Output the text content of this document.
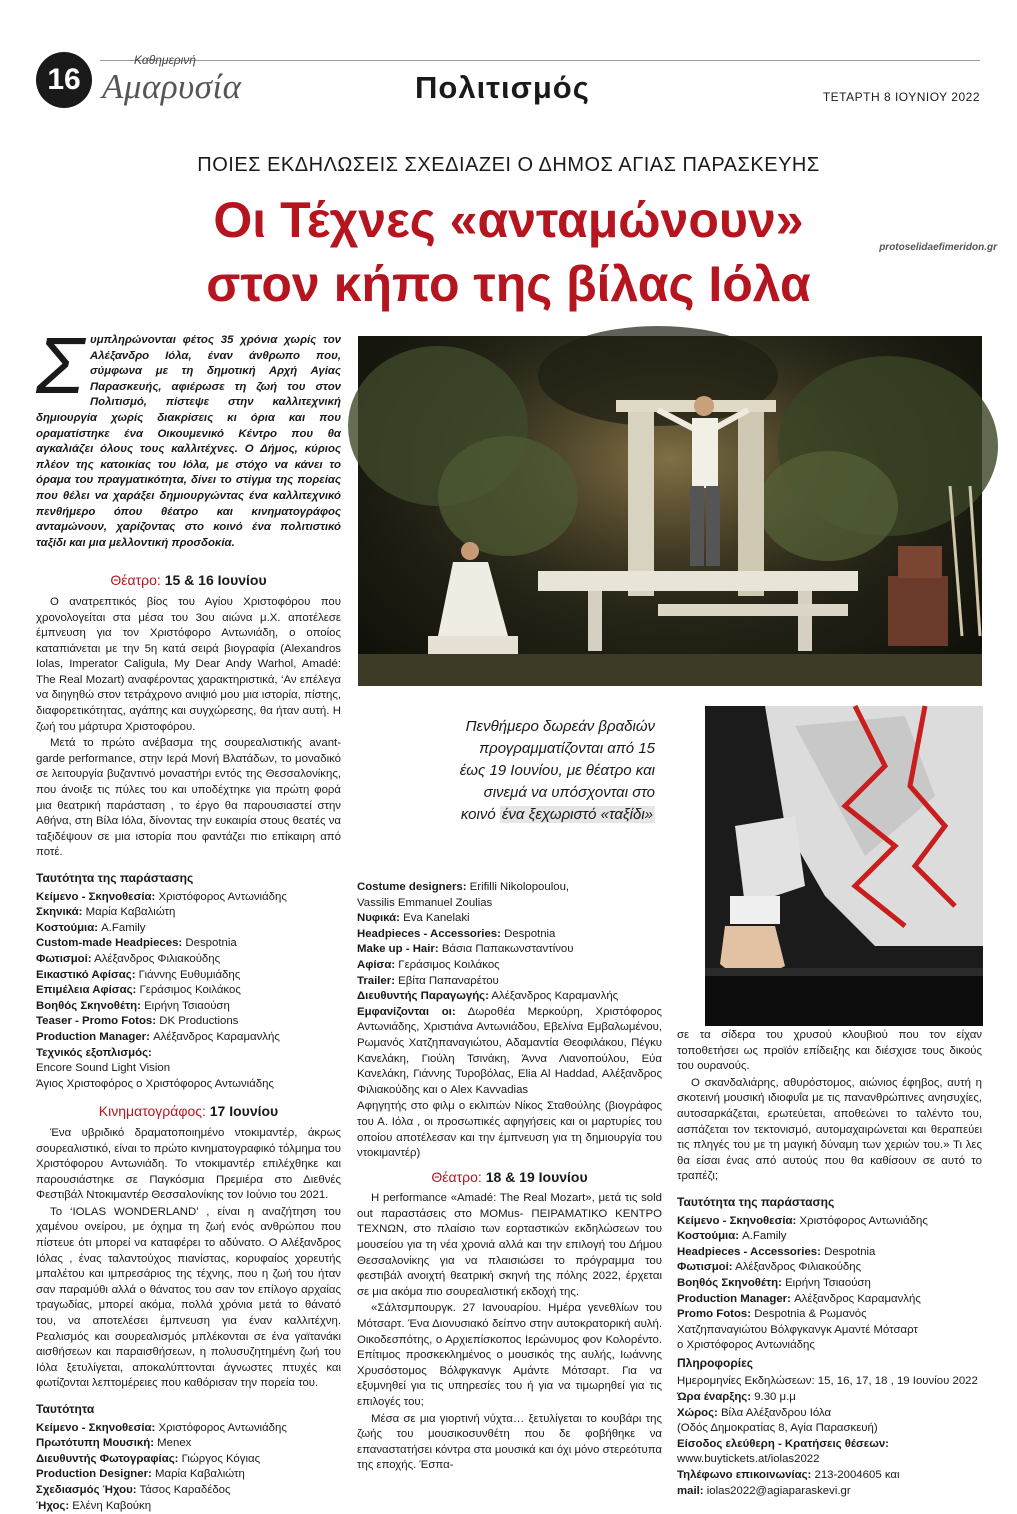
16
Καθημερινή
Αμαρυσία	Πολιτισμός	ΤΕΤΑΡΤΗ 8 ΙΟΥΝΙΟΥ 2022
ΠΟΙΕΣ ΕΚΔΗΛΩΣΕΙΣ ΣΧΕΔΙΑΖΕΙ Ο ΔΗΜΟΣ ΑΓΙΑΣ ΠΑΡΑΣΚΕΥΗΣ
Οι Τέχνες «ανταμώνουν»
στον κήπο της βίλας Ιόλα
protoselidaefimeridon.gr

Συμπληρώνονται φέτος 35 χρόνια χωρίς τον Αλέξανδρο Ιόλα, έναν άνθρωπο που, σύμφωνα με τη δημοτική Αρχή Αγίας Παρασκευής, αφιέρωσε τη ζωή του στον Πολιτισμό, πίστεψε στην καλλιτεχνική δημιουργία χωρίς διακρίσεις κι όρια και που οραματίστηκε ένα Οικουμενικό Κέντρο που θα αγκαλιάζει όλους τους καλλιτέχνες. Ο Δήμος, κύριος πλέον της κατοικίας του Ιόλα, με στόχο να κάνει το όραμα του πραγματικότητα, δίνει το στίγμα της πορείας που θέλει να χαράξει δημιουργώντας ένα καλλιτεχνικό πενθήμερο όπου θέατρο και κινηματογράφος ανταμώνουν, χαρίζοντας στο κοινό ένα πολιτιστικό ταξίδι και μια μελλοντική προσδοκία.

Θέατρο: 15 & 16 Ιουνίου

Ο ανατρεπτικός βίος του Αγίου Χριστοφόρου που χρονολογείται στα μέσα του 3ου αιώνα μ.Χ. αποτέλεσε έμπνευση για τον Χριστόφορο Αντωνιάδη, ο οποίος καταπιάνεται με την 5η κατά σειρά βιογραφία (Alexandros Iolas, Imperator Caligula, My Dear Andy Warhol, Amadé: The Real Mozart) αναφέροντας χαρακτηριστικά, ‘Αν επέλεγα να διηγηθώ στον τετράχρονο ανιψιό μου μια ιστορία, πίστης, διαφορετικότητας, αγάπης και συγχώρεσης, θα ήταν αυτή. Η ζωή του μάρτυρα Χριστοφόρου.

Μετά το πρώτο ανέβασμα της σουρεαλιστικής avant-garde performance, στην Ιερά Μονή Βλατάδων, το μοναδικό σε λειτουργία βυζαντινό μοναστήρι εντός της Θεσσαλονίκης, που άνοιξε τις πύλες του και υποδέχτηκε για πρώτη φορά μια θεατρική παράσταση , το έργο θα παρουσιαστεί στην Αθήνα, στη Βίλα Ιόλα, δίνοντας την ευκαιρία στους θεατές να ταξιδέψουν σε μια ιστορία που φαντάζει πιο επίκαιρη από ποτέ.

Ταυτότητα της παράστασης
Κείμενο - Σκηνοθεσία: Χριστόφορος Αντωνιάδης
Σκηνικά: Μαρία Καβαλιώτη
Κοστούμια: A.Family
Custom-made Headpieces: Despotnia
Φωτισμοί: Αλέξανδρος Φιλιακούδης
Εικαστικό Αφίσας: Γιάννης Ευθυμιάδης
Επιμέλεια Αφίσας: Γεράσιμος Κοιλάκος
Βοηθός Σκηνοθέτη: Ειρήνη Τσιαούση
Teaser - Promo Fotos: DK Productions
Production Manager: Αλέξανδρος Καραμανλής
Τεχνικός εξοπλισμός:
Encore Sound Light Vision
Άγιος Χριστοφόρος ο Χριστόφορος Αντωνιάδης
Κινηματογράφος: 17 Ιουνίου

Ένα υβριδικό δραματοποιημένο ντοκιμαντέρ, άκρως σουρεαλιστικό, είναι το πρώτο κινηματογραφικό τόλμημα του Χριστόφορου Αντωνιάδη. Το ντοκιμαντέρ επιλέχθηκε και παρουσιάστηκε σε Παγκόσμια Πρεμιέρα στο Διεθνές Φεστιβάλ Ντοκιμαντέρ Θεσσαλονίκης τον Ιούνιο του 2021.

Το ‘IOLAS WONDERLAND’ , είναι η αναζήτηση του χαμένου ονείρου, με όχημα τη ζωή ενός ανθρώπου που πίστευε ότι μπορεί να καταφέρει το αδύνατο. Ο Αλέξανδρος Ιόλας , ένας ταλαντούχος πιανίστας, κορυφαίος χορευτής μπαλέτου και ιμπρεσάριος της τέχνης, που η ζωή του ήταν σαν παραμύθι αλλά ο θάνατος του σαν τον επίλογο αρχαίας τραγωδίας, μπορεί ακόμα, πολλά χρόνια μετά το θάνατό του, να αποτελέσει έμπνευση για έναν καλλιτέχνη. Ρεαλισμός και σουρεαλισμός μπλέκονται σε ένα γαϊτανάκι αισθήσεων και παραισθήσεων, η πολυσυζητημένη ζωή του Ιόλα ξετυλίγεται, αποκαλύπτονται άγνωστες πτυχές και φωτίζονται λεπτομέρειες που καθόρισαν την πορεία του.

Ταυτότητα
Κείμενο - Σκηνοθεσία: Χριστόφορος Αντωνιάδης
Πρωτότυπη Μουσική: Menex
Διευθυντής Φωτογραφίας: Γιώργος Κόγιας
Production Designer: Μαρία Καβαλιώτη
Σχεδιασμός Ήχου: Τάσος Καραδέδος
Ήχος: Ελένη Καβούκη
Πενθήμερο δωρεάν βραδιών προγραμματίζονται από 15 έως 19 Ιουνίου, με θέατρο και σινεμά να υπόσχονται στο κοινό ένα ξεχωριστό «ταξίδι»
Costume designers: Erifilli Nikolopoulou,
Vassilis Emmanuel Zoulias
Νυφικά: Eva Kanelaki
Headpieces - Accessories: Despotnia
Make up - Hair: Βάσια Παπακωνσταντίνου
Αφίσα: Γεράσιμος Κοιλάκος
Trailer: Εβίτα Παπαναρέτου
Διευθυντής Παραγωγής: Αλέξανδρος Καραμανλής

Εμφανίζονται οι: Δωροθέα Μερκούρη, Χριστόφορος Αντωνιάδης, Χριστιάνα Αντωνιάδου, Εβελίνα Εμβαλωμένου, Ρωμανός Χατζηπαναγιώτου, Αδαμαντία Θεοφιλάκου, Πέγκυ Κανελάκη, Γιούλη Τσινάκη, Άννα Λιανοπούλου, Εύα Κανελάκη, Γιάννης Τυροβόλας, Elia Al Haddad, Αλέξανδρος Φιλιακούδης και ο Alex Kavvadias

Αφηγητής στο φιλμ ο εκλιπών Νίκος Σταθούλης (βιογράφος του Α. Ιόλα , οι προσωπικές αφηγήσεις και οι μαρτυρίες του οποίου αποτέλεσαν και την έμπνευση για τη δημιουργία του ντοκιμαντέρ)

Θέατρο: 18 & 19 Ιουνίου

Η performance «Amadé: The Real Mozart», μετά τις sold out παραστάσεις στο MOMus- ΠΕΙΡΑΜΑΤΙΚΟ ΚΕΝΤΡΟ ΤΕΧΝΩΝ, στο πλαίσιο των εορταστικών εκδηλώσεων του μουσείου για τη νέα χρονιά αλλά και την επιλογή του Δήμου Θεσσαλονίκης για να πλαισιώσει το πρόγραμμα του φεστιβάλ ανοιχτή θεατρική σκηνή της πόλης 2022, έρχεται σε μια ακόμα πιο σουρεαλιστική εκδοχή της.

«Σάλτσμπουργκ. 27 Ιανουαρίου. Ημέρα γενεθλίων του Μότσαρτ. Ένα Διονυσιακό δείπνο στην αυτοκρατορική αυλή. Οικοδεσπότης, ο Αρχιεπίσκοπος Ιερώνυμος φον Κολορέντο. Επίτιμος προσκεκλημένος ο μουσικός της αυλής, Ιωάννης Χρυσόστομος Βόλφγκανγκ Αμάντε Μότσαρτ. Για να εξυμνηθεί για τις υπηρεσίες του ή για να τιμωρηθεί για τις επιλογές του;

Μέσα σε μια γιορτινή νύχτα… ξετυλίγεται το κουβάρι της ζωής του μουσικοσυνθέτη που δε φοβήθηκε να επαναστατήσει κόντρα στα μουσικά και όχι μόνο στερεότυπα της εποχής. Έσπα-

σε τα σίδερα του χρυσού κλουβιού που τον είχαν τοποθετήσει ως προϊόν επίδειξης και διέσχισε τους δικούς του ουρανούς.

Ο σκανδαλιάρης, αθυρόστομος, αιώνιος έφηβος, αυτή η σκοτεινή μουσική ιδιοφυΐα με τις πανανθρώπινες ανησυχίες, αυτοσαρκάζεται, ερωτεύεται, αποθεώνει το ταλέντο του, ασπάζεται τον τεκτονισμό, αυτομαχαιρώνεται και θεραπεύει τις πληγές του με τη μαγική δύναμη των χεριών του.» Τι λες θα είσαι ένας από αυτούς που θα καθίσουν σε αυτό το τραπέζι;

Ταυτότητα της παράστασης
Κείμενο - Σκηνοθεσία: Χριστόφορος Αντωνιάδης
Κοστούμια: A.Family
Headpieces - Accessories: Despotnia
Φωτισμοί: Αλέξανδρος Φιλιακούδης
Βοηθός Σκηνοθέτη: Ειρήνη Τσιαούση
Production Manager: Αλέξανδρος Καραμανλής
Promo Fotos: Despotnia & Ρωμανός
Χατζηπαναγιώτου Βόλφγκανγκ Αμαντέ Μότσαρτ
ο Χριστόφορος Αντωνιάδης
Πληροφορίες
Ημερομηνίες Εκδηλώσεων: 15, 16, 17, 18 , 19 Ιουνίου 2022
Ώρα έναρξης: 9.30 μ.μ
Χώρος: Βίλα Αλέξανδρου Ιόλα
(Οδός Δημοκρατίας 8, Αγία Παρασκευή)
Είσοδος ελεύθερη - Κρατήσεις θέσεων:
www.buytickets.at/iolas2022
Τηλέφωνο επικοινωνίας: 213-2004605 και
mail: iolas2022@agiaparaskevi.gr
